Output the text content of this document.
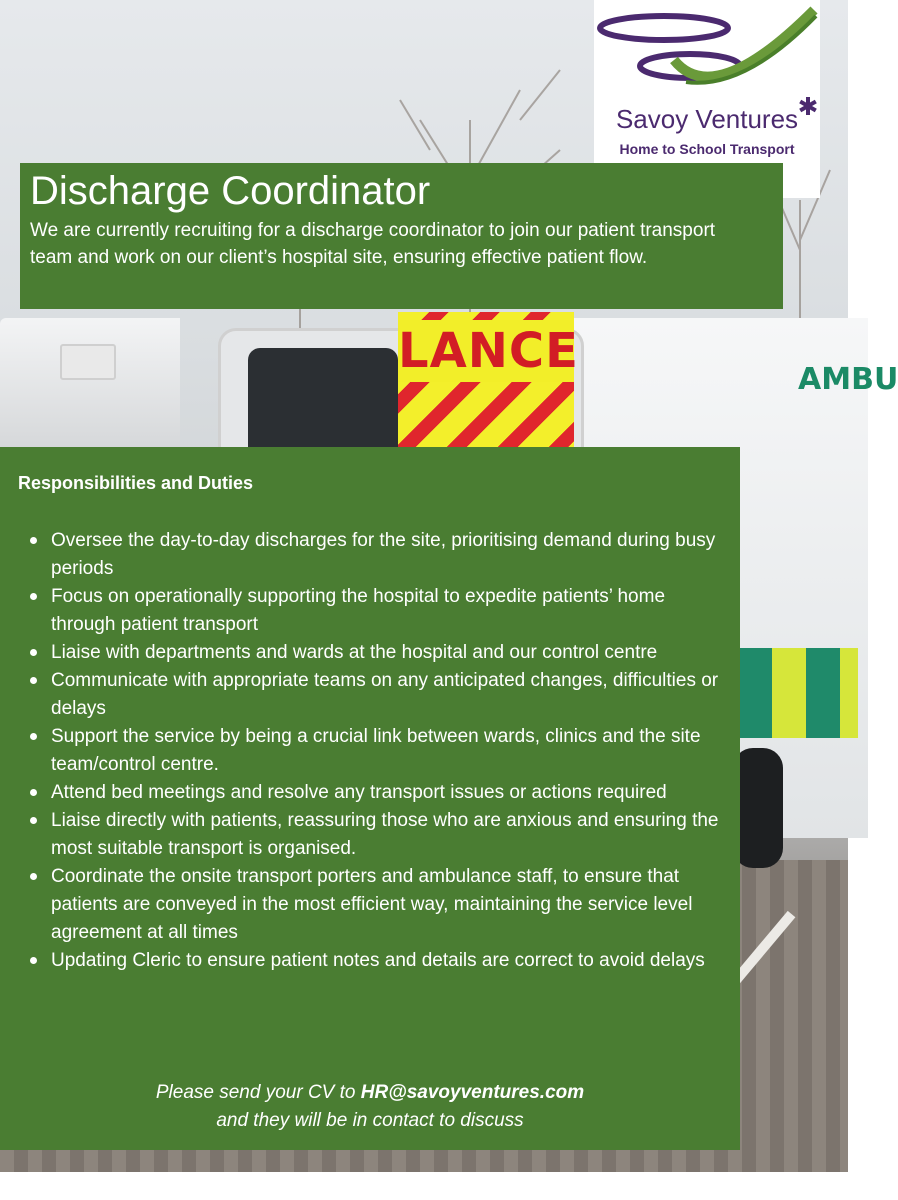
LANCE
AMBU
Savoy Ventures
Home to School Transport
Discharge Coordinator

We are currently recruiting for a discharge coordinator to join our patient transport team and work on our client’s hospital site, ensuring effective patient flow.

Responsibilities and Duties
Oversee the day-to-day discharges for the site, prioritising demand during busy periods
Focus on operationally supporting the hospital to expedite patients’ home through patient transport
Liaise with departments and wards at the hospital and our control centre
Communicate with appropriate teams on any anticipated changes, difficulties or delays
Support the service by being a crucial link between wards, clinics and the site team/control centre.
Attend bed meetings and resolve any transport issues or actions required
Liaise directly with patients, reassuring those who are anxious and ensuring the most suitable transport is organised.
Coordinate the onsite transport porters and ambulance staff, to ensure that patients are conveyed in the most efficient way, maintaining the service level agreement at all times
Updating Cleric to ensure patient notes and details are correct to avoid delays
Please send your CV to HR@savoyventures.com
and they will be in contact to discuss
